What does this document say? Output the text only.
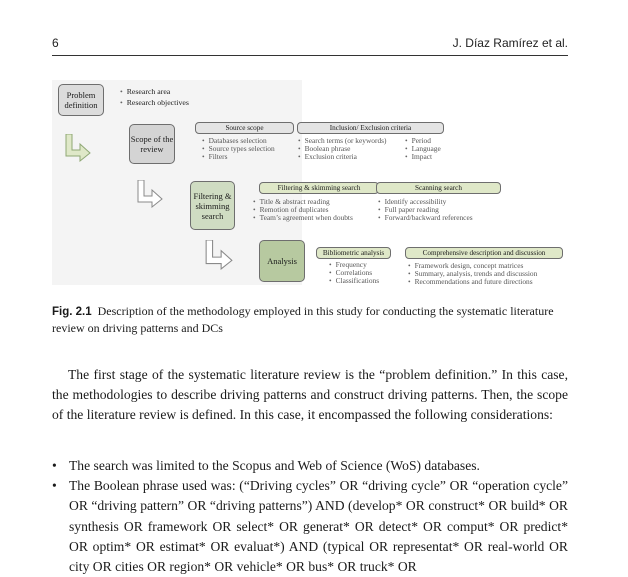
6	J. Díaz Ramírez et al.
Problem definition
• Research area
• Research objectives
Scope of the review
Source scope
• Databases selection
• Source types selection
• Filters
Inclusion/ Exclusion criteria
• Search terms (or keywords)
• Boolean phrase
• Exclusion criteria
• Period
• Language
• Impact
Filtering & skimming search
Filtering & skimming search
• Title & abstract reading
• Remotion of duplicates
• Team’s agreement when doubts
Scanning search
• Identify accessibility
• Full paper reading
• Forward/backward references
Analysis
Bibliometric analysis
• Frequency
• Correlations
• Classifications
Comprehensive description and discussion
• Framework design, concept matrices
• Summary, analysis, trends and discussion
• Recommendations and future directions
Fig. 2.1 Description of the methodology employed in this study for conducting the systematic literature review on driving patterns and DCs

The first stage of the systematic literature review is the “problem definition.” In this case, the methodologies to describe driving patterns and construct driving patterns. Then, the scope of the literature review is defined. In this case, it encompassed the following considerations:

• The search was limited to the Scopus and Web of Science (WoS) databases.
• The Boolean phrase used was: (“Driving cycles” OR “driving cycle” OR “operation cycle” OR “driving pattern” OR “driving patterns”) AND (develop* OR construct* OR build* OR synthesis OR framework OR select* OR generat* OR detect* OR comput* OR predict* OR optim* OR estimat* OR evaluat*) AND (typical OR representat* OR real-world OR city OR cities OR region* OR vehicle* OR bus* OR truck* OR
